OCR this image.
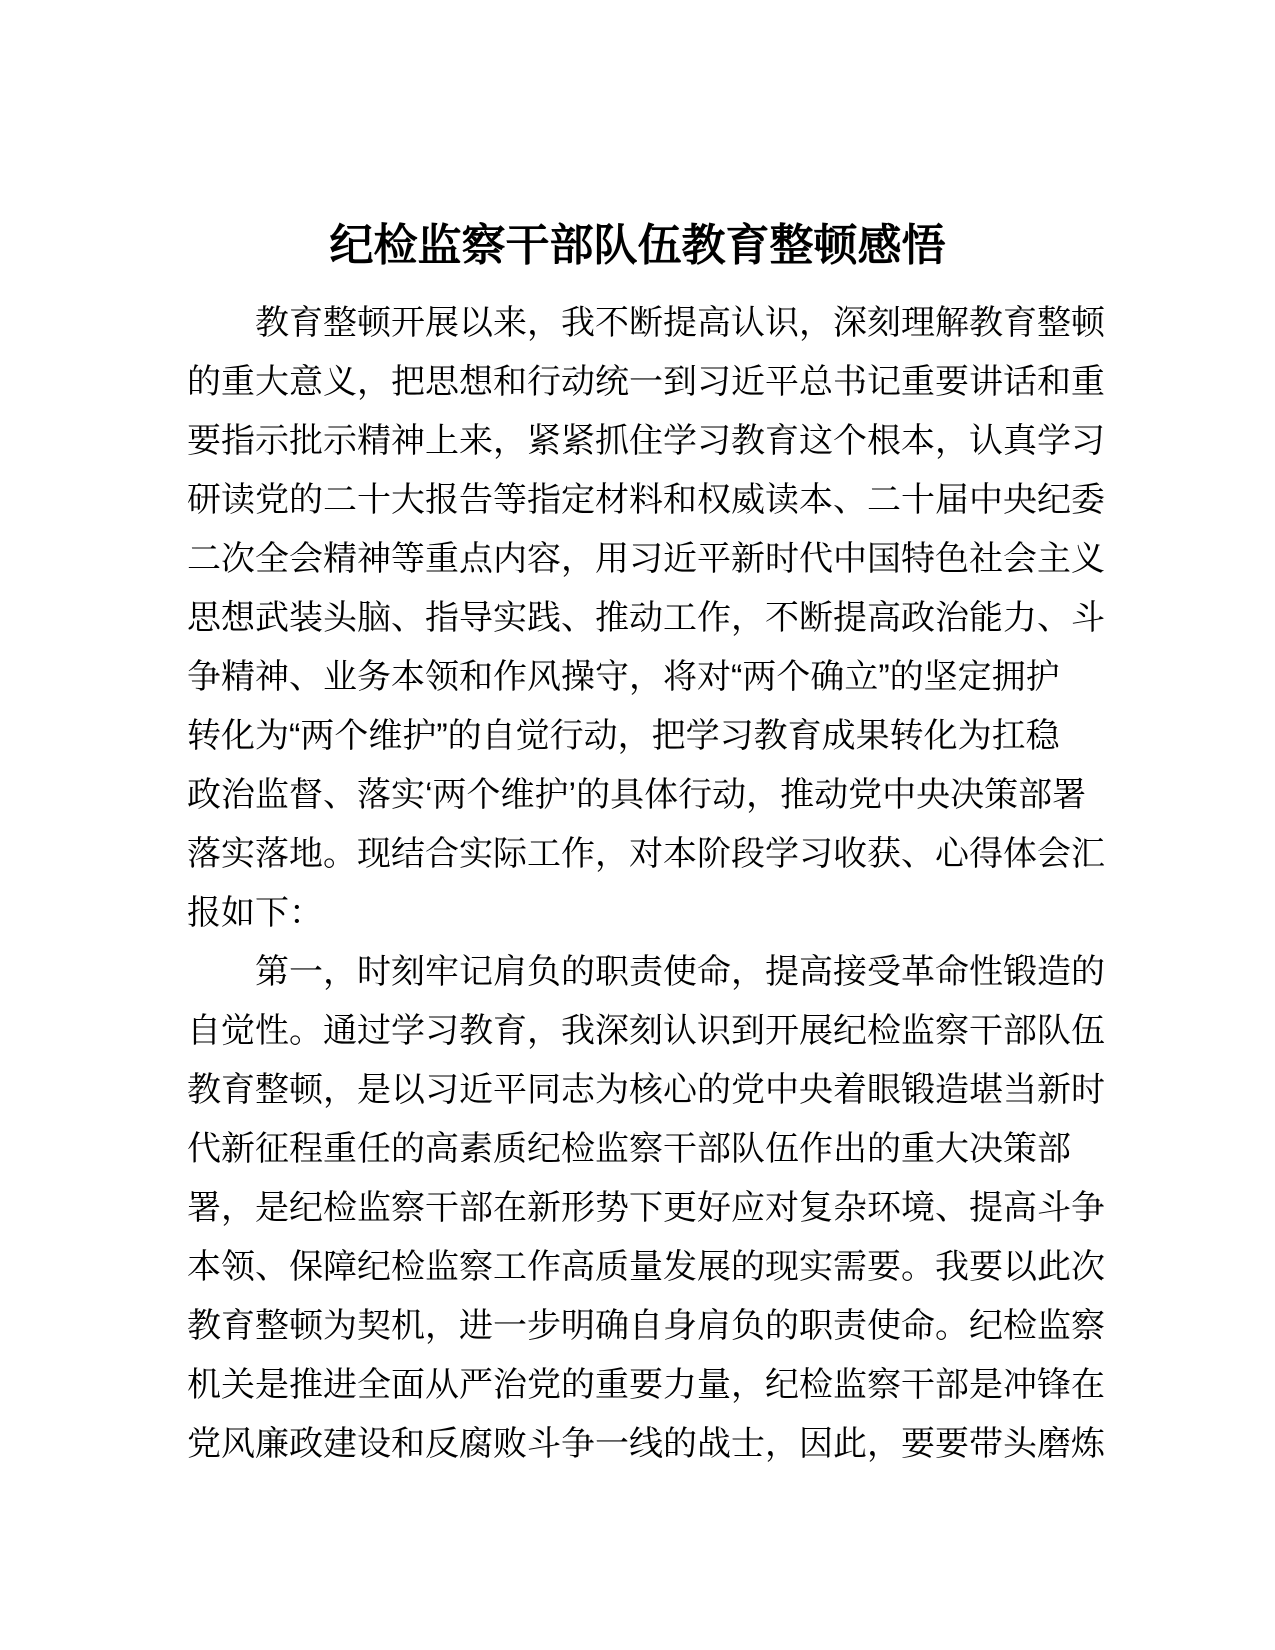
纪检监察干部队伍教育整顿感悟
教育整顿开展以来，我不断提高认识，深刻理解教育整顿
的重大意义，把思想和行动统一到习近平总书记重要讲话和重
要指示批示精神上来，紧紧抓住学习教育这个根本，认真学习
研读党的二十大报告等指定材料和权威读本、二十届中央纪委
二次全会精神等重点内容，用习近平新时代中国特色社会主义
思想武装头脑、指导实践、推动工作，不断提高政治能力、斗
争精神、业务本领和作风操守，将对“两个确立”的坚定拥护
转化为“两个维护”的自觉行动，把学习教育成果转化为扛稳
政治监督、落实‘两个维护’的具体行动，推动党中央决策部署
落实落地。现结合实际工作，对本阶段学习收获、心得体会汇
报如下：
第一，时刻牢记肩负的职责使命，提高接受革命性锻造的
自觉性。通过学习教育，我深刻认识到开展纪检监察干部队伍
教育整顿，是以习近平同志为核心的党中央着眼锻造堪当新时
代新征程重任的高素质纪检监察干部队伍作出的重大决策部
署，是纪检监察干部在新形势下更好应对复杂环境、提高斗争
本领、保障纪检监察工作高质量发展的现实需要。我要以此次
教育整顿为契机，进一步明确自身肩负的职责使命。纪检监察
机关是推进全面从严治党的重要力量，纪检监察干部是冲锋在
党风廉政建设和反腐败斗争一线的战士，因此，要要带头磨炼
